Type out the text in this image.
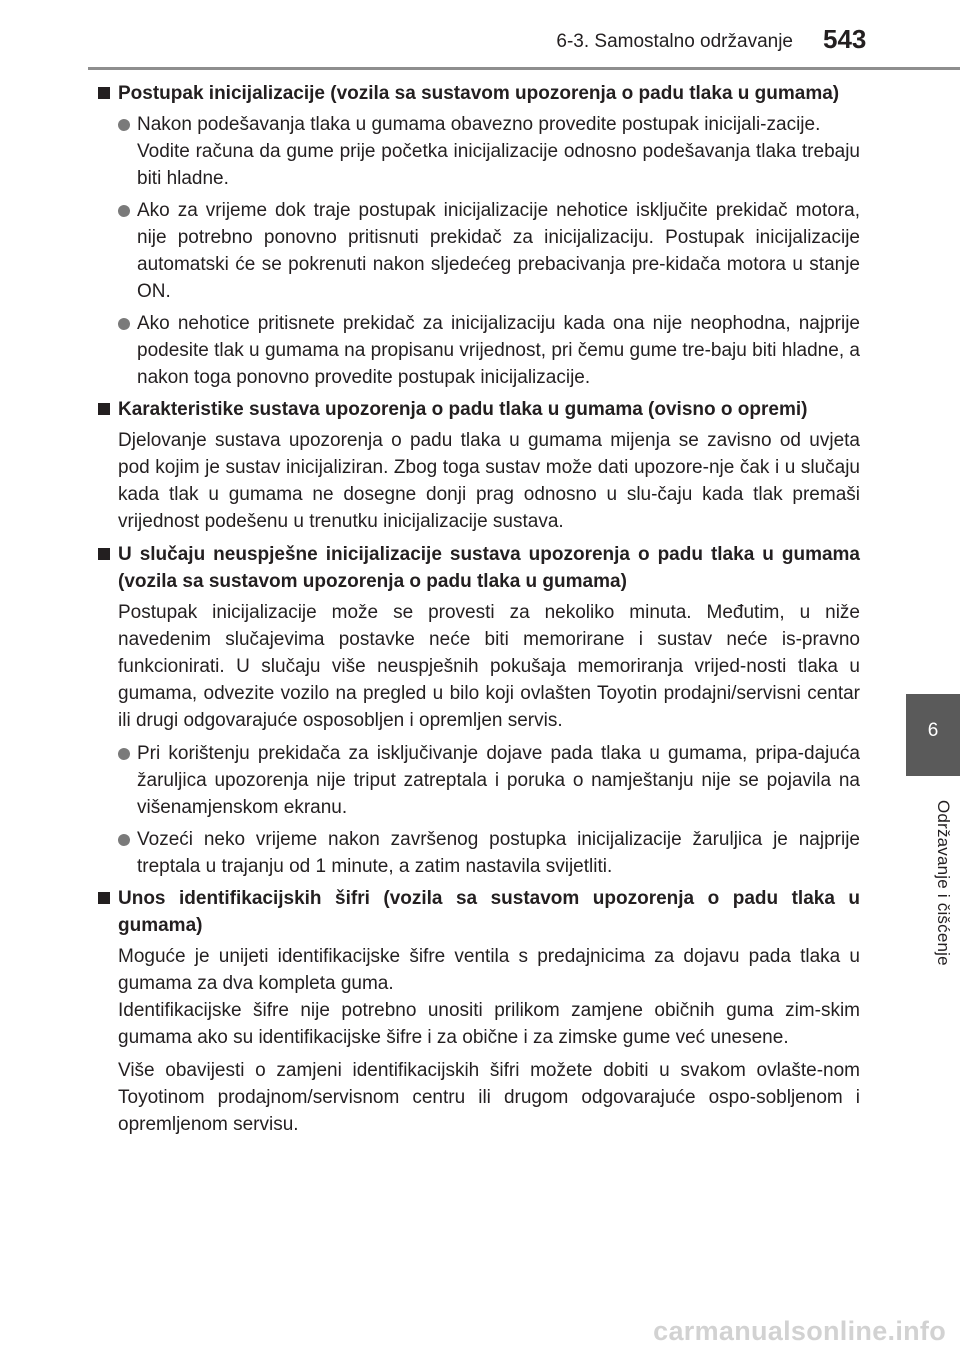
6-3. Samostalno održavanje 543
6
Održavanje i čišćenje
Postupak inicijalizacije (vozila sa sustavom upozorenja o padu tlaka u gumama)
Nakon podešavanja tlaka u gumama obavezno provedite postupak inicijali-zacije.
Vodite računa da gume prije početka inicijalizacije odnosno podešavanja tlaka trebaju biti hladne.
Ako za vrijeme dok traje postupak inicijalizacije nehotice isključite prekidač motora, nije potrebno ponovno pritisnuti prekidač za inicijalizaciju. Postupak inicijalizacije automatski će se pokrenuti nakon sljedećeg prebacivanja pre-kidača motora u stanje ON.
Ako nehotice pritisnete prekidač za inicijalizaciju kada ona nije neophodna, najprije podesite tlak u gumama na propisanu vrijednost, pri čemu gume tre-baju biti hladne, a nakon toga ponovno provedite postupak inicijalizacije.
Karakteristike sustava upozorenja o padu tlaka u gumama (ovisno o opremi)
Djelovanje sustava upozorenja o padu tlaka u gumama mijenja se zavisno od uvjeta pod kojim je sustav inicijaliziran. Zbog toga sustav može dati upozore-nje čak i u slučaju kada tlak u gumama ne dosegne donji prag odnosno u slu-čaju kada tlak premaši vrijednost podešenu u trenutku inicijalizacije sustava.
U slučaju neuspješne inicijalizacije sustava upozorenja o padu tlaka u gumama (vozila sa sustavom upozorenja o padu tlaka u gumama)
Postupak inicijalizacije može se provesti za nekoliko minuta. Međutim, u niže navedenim slučajevima postavke neće biti memorirane i sustav neće is-pravno funkcionirati. U slučaju više neuspješnih pokušaja memoriranja vrijed-nosti tlaka u gumama, odvezite vozilo na pregled u bilo koji ovlašten Toyotin prodajni/servisni centar ili drugi odgovarajuće osposobljen i opremljen servis.
Pri korištenju prekidača za isključivanje dojave pada tlaka u gumama, pripa-dajuća žaruljica upozorenja nije triput zatreptala i poruka o namještanju nije se pojavila na višenamjenskom ekranu.
Vozeći neko vrijeme nakon završenog postupka inicijalizacije žaruljica je najprije treptala u trajanju od 1 minute, a zatim nastavila svijetliti.
Unos identifikacijskih šifri (vozila sa sustavom upozorenja o padu tlaka u gumama)
Moguće je unijeti identifikacijske šifre ventila s predajnicima za dojavu pada tlaka u gumama za dva kompleta guma.
Identifikacijske šifre nije potrebno unositi prilikom zamjene običnih guma zim-skim gumama ako su identifikacijske šifre i za obične i za zimske gume već unesene.
Više obavijesti o zamjeni identifikacijskih šifri možete dobiti u svakom ovlašte-nom Toyotinom prodajnom/servisnom centru ili drugom odgovarajuće ospo-sobljenom i opremljenom servisu.
carmanualsonline.info
